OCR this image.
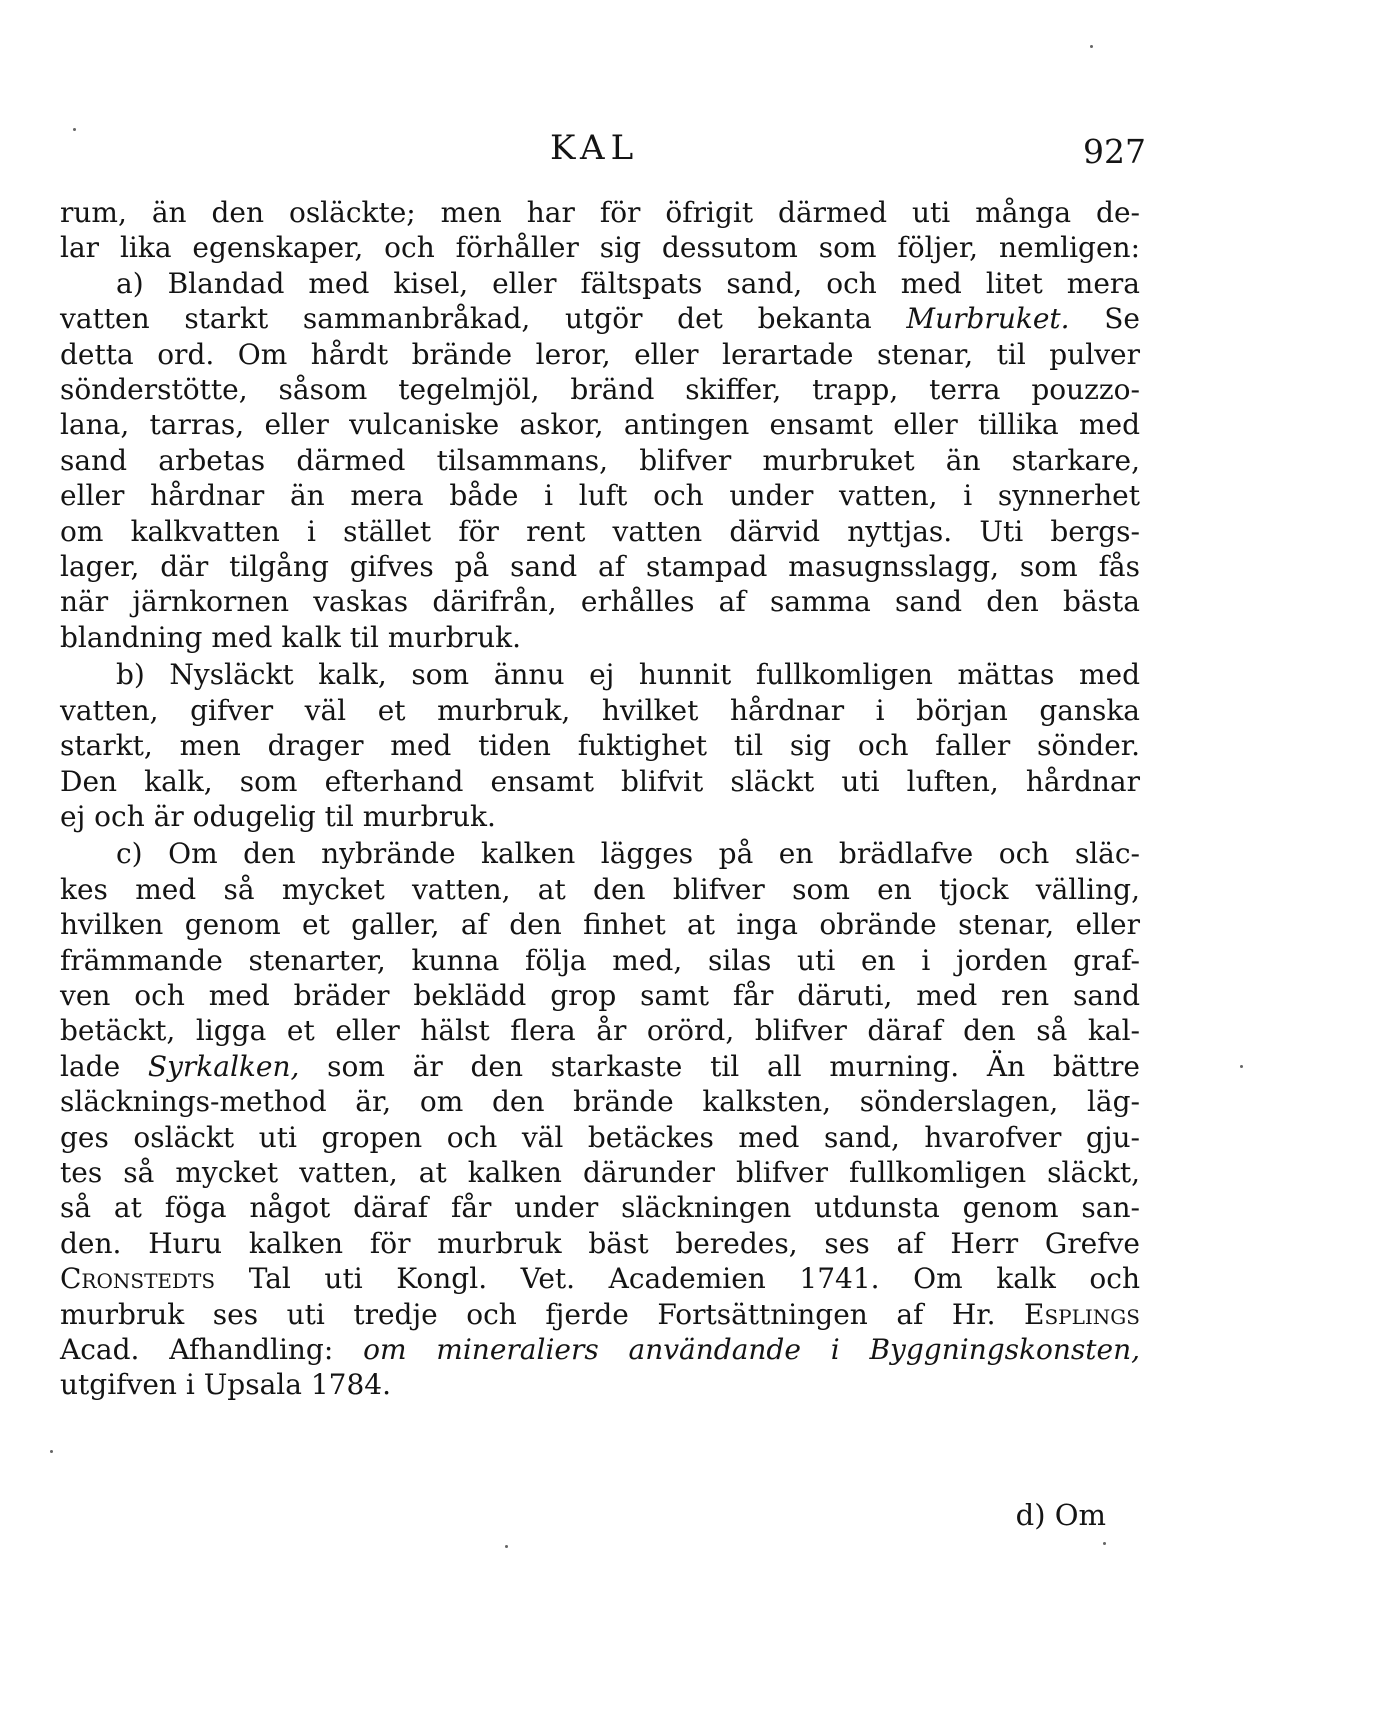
KAL	927
rum, än den osläckte; men har för öfrigit därmed uti många de-
lar lika egenskaper, och förhåller sig dessutom som följer, nemligen:
a) Blandad med kisel, eller fältspats sand, och med litet mera
vatten starkt sammanbråkad, utgör det bekanta Murbruket. Se
detta ord. Om hårdt brände leror, eller lerartade stenar, til pulver
sönderstötte, såsom tegelmjöl, bränd skiffer, trapp, terra pouzzo-
lana, tarras, eller vulcaniske askor, antingen ensamt eller tillika med
sand arbetas därmed tilsammans, blifver murbruket än starkare,
eller hårdnar än mera både i luft och under vatten, i synnerhet
om kalkvatten i stället för rent vatten därvid nyttjas. Uti bergs-
lager, där tilgång gifves på sand af stampad masugnsslagg, som fås
när järnkornen vaskas därifrån, erhålles af samma sand den bästa
blandning med kalk til murbruk.
b) Nysläckt kalk, som ännu ej hunnit fullkomligen mättas med
vatten, gifver väl et murbruk, hvilket hårdnar i början ganska
starkt, men drager med tiden fuktighet til sig och faller sönder.
Den kalk, som efterhand ensamt blifvit släckt uti luften, hårdnar
ej och är odugelig til murbruk.
c) Om den nybrände kalken lägges på en brädlafve och släc-
kes med så mycket vatten, at den blifver som en tjock välling,
hvilken genom et galler, af den finhet at inga obrände stenar, eller
främmande stenarter, kunna följa med, silas uti en i jorden graf-
ven och med bräder beklädd grop samt får däruti, med ren sand
betäckt, ligga et eller hälst flera år orörd, blifver däraf den så kal-
lade Syrkalken, som är den starkaste til all murning. Än bättre
släcknings-method är, om den brände kalksten, sönderslagen, läg-
ges osläckt uti gropen och väl betäckes med sand, hvarofver gju-
tes så mycket vatten, at kalken därunder blifver fullkomligen släckt,
så at föga något däraf får under släckningen utdunsta genom san-
den. Huru kalken för murbruk bäst beredes, ses af Herr Grefve
Cronstedts Tal uti Kongl. Vet. Academien 1741. Om kalk och
murbruk ses uti tredje och fjerde Fortsättningen af Hr. Esplings
Acad. Afhandling: om mineraliers användande i Byggningskonsten,
utgifven i Upsala 1784.
d) Om
